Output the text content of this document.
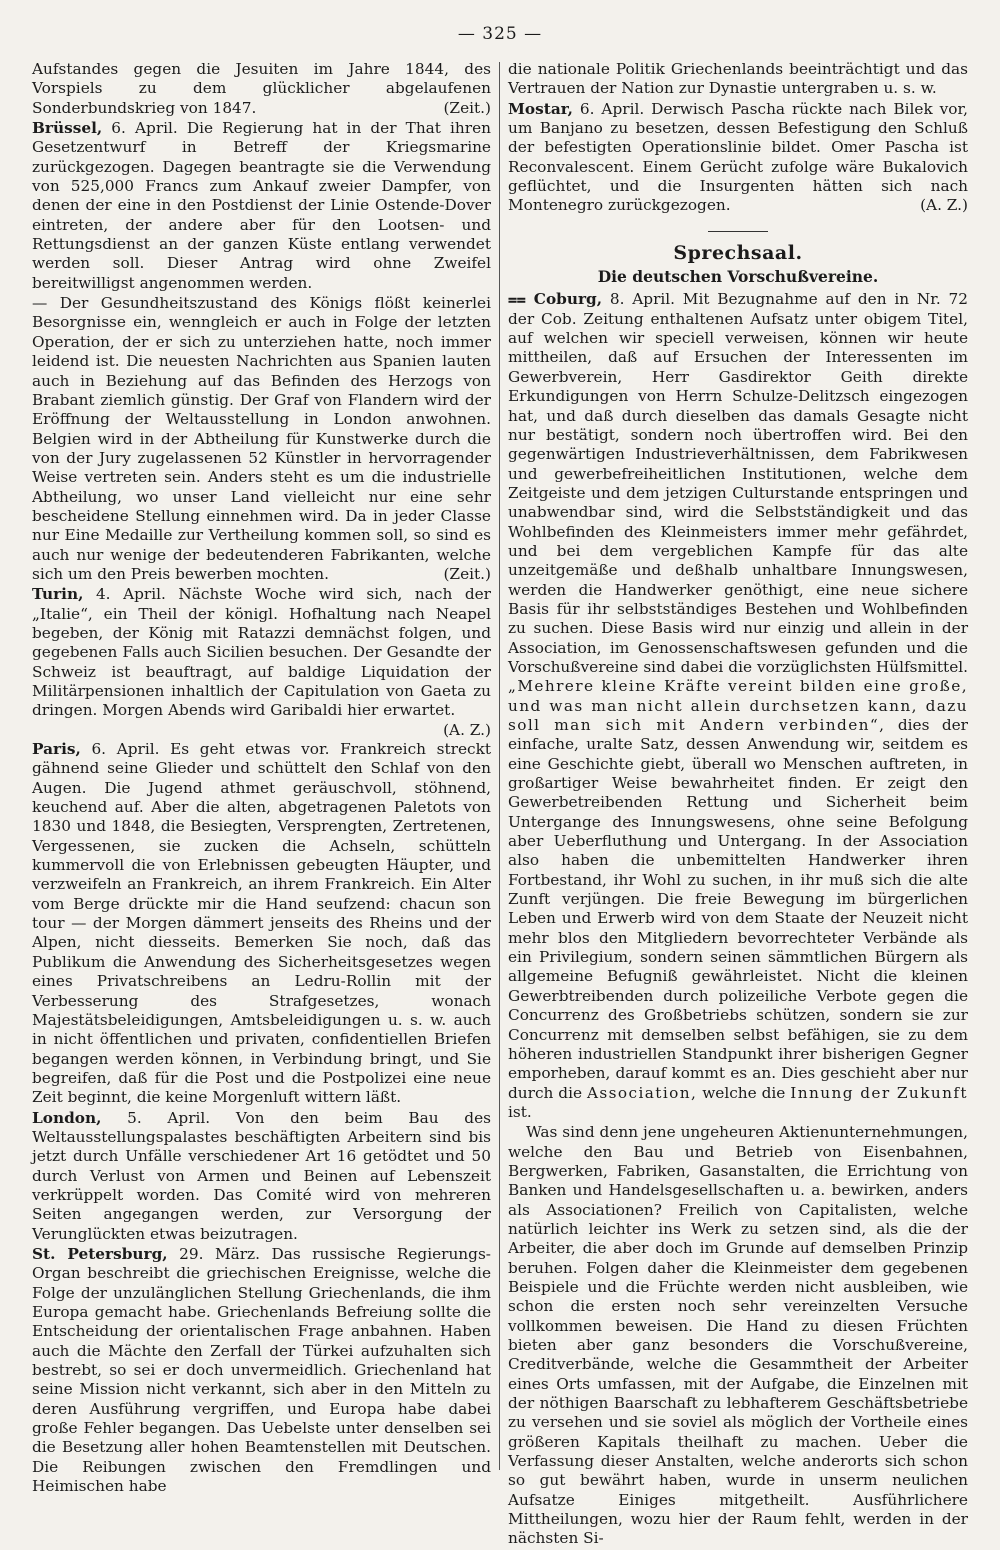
— 325 —

Aufstandes gegen die Jesuiten im Jahre 1844, des Vorspiels zu dem glücklicher abgelaufenen Sonderbundskrieg von 1847.	(Zeit.)

Brüssel, 6. April. Die Regierung hat in der That ihren Gesetzentwurf in Betreff der Kriegsmarine zurückgezogen. Dagegen beantragte sie die Verwendung von 525,000 Francs zum Ankauf zweier Dampfer, von denen der eine in den Postdienst der Linie Ostende-Dover eintreten, der andere aber für den Lootsen- und Rettungsdienst an der ganzen Küste entlang verwendet werden soll. Dieser Antrag wird ohne Zweifel bereitwilligst angenommen werden.

— Der Gesundheitszustand des Königs flößt keinerlei Besorgnisse ein, wenngleich er auch in Folge der letzten Operation, der er sich zu unterziehen hatte, noch immer leidend ist. Die neuesten Nachrichten aus Spanien lauten auch in Beziehung auf das Befinden des Herzogs von Brabant ziemlich günstig. Der Graf von Flandern wird der Eröffnung der Weltausstellung in London anwohnen. Belgien wird in der Abtheilung für Kunstwerke durch die von der Jury zugelassenen 52 Künstler in hervorragender Weise vertreten sein. Anders steht es um die industrielle Abtheilung, wo unser Land vielleicht nur eine sehr bescheidene Stellung einnehmen wird. Da in jeder Classe nur Eine Medaille zur Vertheilung kommen soll, so sind es auch nur wenige der bedeutenderen Fabrikanten, welche sich um den Preis bewerben mochten.	(Zeit.)

Turin, 4. April. Nächste Woche wird sich, nach der „Italie“, ein Theil der königl. Hofhaltung nach Neapel begeben, der König mit Ratazzi demnächst folgen, und gegebenen Falls auch Sicilien besuchen. Der Gesandte der Schweiz ist beauftragt, auf baldige Liquidation der Militärpensionen inhaltlich der Capitulation von Gaeta zu dringen. Morgen Abends wird Garibaldi hier erwartet.
(A. Z.)

Paris, 6. April. Es geht etwas vor. Frankreich streckt gähnend seine Glieder und schüttelt den Schlaf von den Augen. Die Jugend athmet geräuschvoll, stöhnend, keuchend auf. Aber die alten, abgetragenen Paletots von 1830 und 1848, die Besiegten, Versprengten, Zertretenen, Vergessenen, sie zucken die Achseln, schütteln kummervoll die von Erlebnissen gebeugten Häupter, und verzweifeln an Frankreich, an ihrem Frankreich. Ein Alter vom Berge drückte mir die Hand seufzend: chacun son tour — der Morgen dämmert jenseits des Rheins und der Alpen, nicht diesseits. Bemerken Sie noch, daß das Publikum die Anwendung des Sicherheitsgesetzes wegen eines Privatschreibens an Ledru-Rollin mit der Verbesserung des Strafgesetzes, wonach Majestätsbeleidigungen, Amtsbeleidigungen u. s. w. auch in nicht öffentlichen und privaten, confidentiellen Briefen begangen werden können, in Verbindung bringt, und Sie begreifen, daß für die Post und die Postpolizei eine neue Zeit beginnt, die keine Morgenluft wittern läßt.

London, 5. April. Von den beim Bau des Weltausstellungspalastes beschäftigten Arbeitern sind bis jetzt durch Unfälle verschiedener Art 16 getödtet und 50 durch Verlust von Armen und Beinen auf Lebenszeit verkrüppelt worden. Das Comité wird von mehreren Seiten angegangen werden, zur Versorgung der Verunglückten etwas beizutragen.

St. Petersburg, 29. März. Das russische Regierungs-Organ beschreibt die griechischen Ereignisse, welche die Folge der unzulänglichen Stellung Griechenlands, die ihm Europa gemacht habe. Griechenlands Befreiung sollte die Entscheidung der orientalischen Frage anbahnen. Haben auch die Mächte den Zerfall der Türkei aufzuhalten sich bestrebt, so sei er doch unvermeidlich. Griechenland hat seine Mission nicht verkannt, sich aber in den Mitteln zu deren Ausführung vergriffen, und Europa habe dabei große Fehler begangen. Das Uebelste unter denselben sei die Besetzung aller hohen Beamtenstellen mit Deutschen. Die Reibungen zwischen den Fremdlingen und Heimischen habe

die nationale Politik Griechenlands beeinträchtigt und das Vertrauen der Nation zur Dynastie untergraben u. s. w.

Mostar, 6. April. Derwisch Pascha rückte nach Bilek vor, um Banjano zu besetzen, dessen Befestigung den Schluß der befestigten Operationslinie bildet. Omer Pascha ist Reconvalescent. Einem Gerücht zufolge wäre Bukalovich geflüchtet, und die Insurgenten hätten sich nach Montenegro zurückgezogen.	(A. Z.)

Sprechsaal.
Die deutschen Vorschußvereine.

⩵ Coburg, 8. April. Mit Bezugnahme auf den in Nr. 72 der Cob. Zeitung enthaltenen Aufsatz unter obigem Titel, auf welchen wir speciell verweisen, können wir heute mittheilen, daß auf Ersuchen der Interessenten im Gewerbverein, Herr Gasdirektor Geith direkte Erkundigungen von Herrn Schulze-Delitzsch eingezogen hat, und daß durch dieselben das damals Gesagte nicht nur bestätigt, sondern noch übertroffen wird. Bei den gegenwärtigen Industrieverhältnissen, dem Fabrikwesen und gewerbefreiheitlichen Institutionen, welche dem Zeitgeiste und dem jetzigen Culturstande entspringen und unabwendbar sind, wird die Selbstständigkeit und das Wohlbefinden des Kleinmeisters immer mehr gefährdet, und bei dem vergeblichen Kampfe für das alte unzeitgemäße und deßhalb unhaltbare Innungswesen, werden die Handwerker genöthigt, eine neue sichere Basis für ihr selbstständiges Bestehen und Wohlbefinden zu suchen. Diese Basis wird nur einzig und allein in der Association, im Genossenschaftswesen gefunden und die Vorschußvereine sind dabei die vorzüglichsten Hülfsmittel. „Mehrere kleine Kräfte vereint bilden eine große, und was man nicht allein durchsetzen kann, dazu soll man sich mit Andern verbinden“, dies der einfache, uralte Satz, dessen Anwendung wir, seitdem es eine Geschichte giebt, überall wo Menschen auftreten, in großartiger Weise bewahrheitet finden. Er zeigt den Gewerbetreibenden Rettung und Sicherheit beim Untergange des Innungswesens, ohne seine Befolgung aber Ueberfluthung und Untergang. In der Association also haben die unbemittelten Handwerker ihren Fortbestand, ihr Wohl zu suchen, in ihr muß sich die alte Zunft verjüngen. Die freie Bewegung im bürgerlichen Leben und Erwerb wird von dem Staate der Neuzeit nicht mehr blos den Mitgliedern bevorrechteter Verbände als ein Privilegium, sondern seinen sämmtlichen Bürgern als allgemeine Befugniß gewährleistet. Nicht die kleinen Gewerbtreibenden durch polizeiliche Verbote gegen die Concurrenz des Großbetriebs schützen, sondern sie zur Concurrenz mit demselben selbst befähigen, sie zu dem höheren industriellen Standpunkt ihrer bisherigen Gegner emporheben, darauf kommt es an. Dies geschieht aber nur durch die Association, welche die Innung der Zukunft ist.

Was sind denn jene ungeheuren Aktienunternehmungen, welche den Bau und Betrieb von Eisenbahnen, Bergwerken, Fabriken, Gasanstalten, die Errichtung von Banken und Handelsgesellschaften u. a. bewirken, anders als Associationen? Freilich von Capitalisten, welche natürlich leichter ins Werk zu setzen sind, als die der Arbeiter, die aber doch im Grunde auf demselben Prinzip beruhen. Folgen daher die Kleinmeister dem gegebenen Beispiele und die Früchte werden nicht ausbleiben, wie schon die ersten noch sehr vereinzelten Versuche vollkommen beweisen. Die Hand zu diesen Früchten bieten aber ganz besonders die Vorschußvereine, Creditverbände, welche die Gesammtheit der Arbeiter eines Orts umfassen, mit der Aufgabe, die Einzelnen mit der nöthigen Baarschaft zu lebhafterem Geschäftsbetriebe zu versehen und sie soviel als möglich der Vortheile eines größeren Kapitals theilhaft zu machen. Ueber die Verfassung dieser Anstalten, welche anderorts sich schon so gut bewährt haben, wurde in unserm neulichen Aufsatze Einiges mitgetheilt. Ausführlichere Mittheilungen, wozu hier der Raum fehlt, werden in der nächsten Si-
